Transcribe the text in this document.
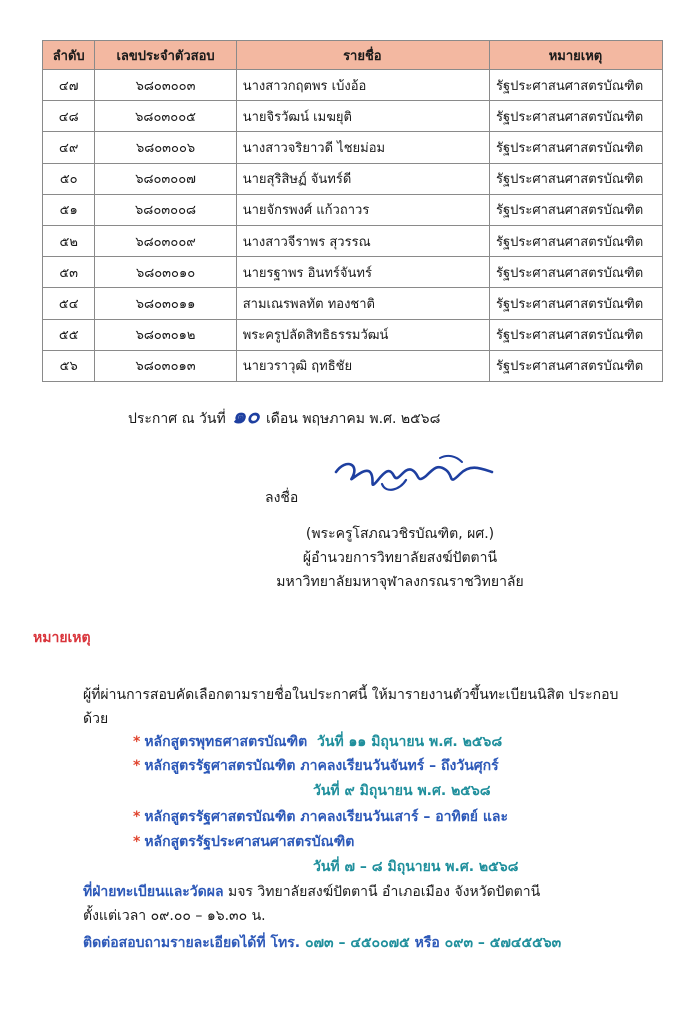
ลำดับ	เลขประจำตัวสอบ	รายชื่อ	หมายเหตุ
๔๗	๖๘๐๓๐๐๓	นางสาวกฤตพร เบ้งอ้อ	รัฐประศาสนศาสตรบัณฑิต
๔๘	๖๘๐๓๐๐๕	นายจิรวัฒน์ เมฆยุติ	รัฐประศาสนศาสตรบัณฑิต
๔๙	๖๘๐๓๐๐๖	นางสาวจริยาวดี ไชยม่อม	รัฐประศาสนศาสตรบัณฑิต
๕๐	๖๘๐๓๐๐๗	นายสุริสิษฏ์ จันทร์ดี	รัฐประศาสนศาสตรบัณฑิต
๕๑	๖๘๐๓๐๐๘	นายจักรพงศ์ แก้วถาวร	รัฐประศาสนศาสตรบัณฑิต
๕๒	๖๘๐๓๐๐๙	นางสาวจีราพร สุวรรณ	รัฐประศาสนศาสตรบัณฑิต
๕๓	๖๘๐๓๐๑๐	นายรฐาพร อินทร์จันทร์	รัฐประศาสนศาสตรบัณฑิต
๕๔	๖๘๐๓๐๑๑	สามเณรพลทัต ทองชาติ	รัฐประศาสนศาสตรบัณฑิต
๕๕	๖๘๐๓๐๑๒	พระครูปลัดสิทธิธรรมวัฒน์	รัฐประศาสนศาสตรบัณฑิต
๕๖	๖๘๐๓๐๑๓	นายวราวุฒิ ฤทธิชัย	รัฐประศาสนศาสตรบัณฑิต
ประกาศ ณ วันที่ ๑๐ เดือน พฤษภาคม พ.ศ. ๒๕๖๘
ลงชื่อ
(พระครูโสภณวชิรบัณฑิต, ผศ.)
ผู้อำนวยการวิทยาลัยสงฆ์ปัตตานี
มหาวิทยาลัยมหาจุฬาลงกรณราชวิทยาลัย
หมายเหตุ
ผู้ที่ผ่านการสอบคัดเลือกตามรายชื่อในประกาศนี้ ให้มารายงานตัวขึ้นทะเบียนนิสิต ประกอบด้วย
* หลักสูตรพุทธศาสตรบัณฑิต วันที่ ๑๑ มิถุนายน พ.ศ. ๒๕๖๘
* หลักสูตรรัฐศาสตรบัณฑิต ภาคลงเรียนวันจันทร์ – ถึงวันศุกร์
วันที่ ๙ มิถุนายน พ.ศ. ๒๕๖๘
* หลักสูตรรัฐศาสตรบัณฑิต ภาคลงเรียนวันเสาร์ – อาทิตย์ และ
* หลักสูตรรัฐประศาสนศาสตรบัณฑิต
วันที่ ๗ – ๘ มิถุนายน พ.ศ. ๒๕๖๘
ที่ฝ่ายทะเบียนและวัดผล มจร วิทยาลัยสงฆ์ปัตตานี อำเภอเมือง จังหวัดปัตตานี
ตั้งแต่เวลา ๐๙.๐๐ – ๑๖.๓๐ น.
ติดต่อสอบถามรายละเอียดได้ที่ โทร. ๐๗๓ – ๔๕๐๐๗๕ หรือ ๐๙๓ – ๕๗๔๕๕๖๓
